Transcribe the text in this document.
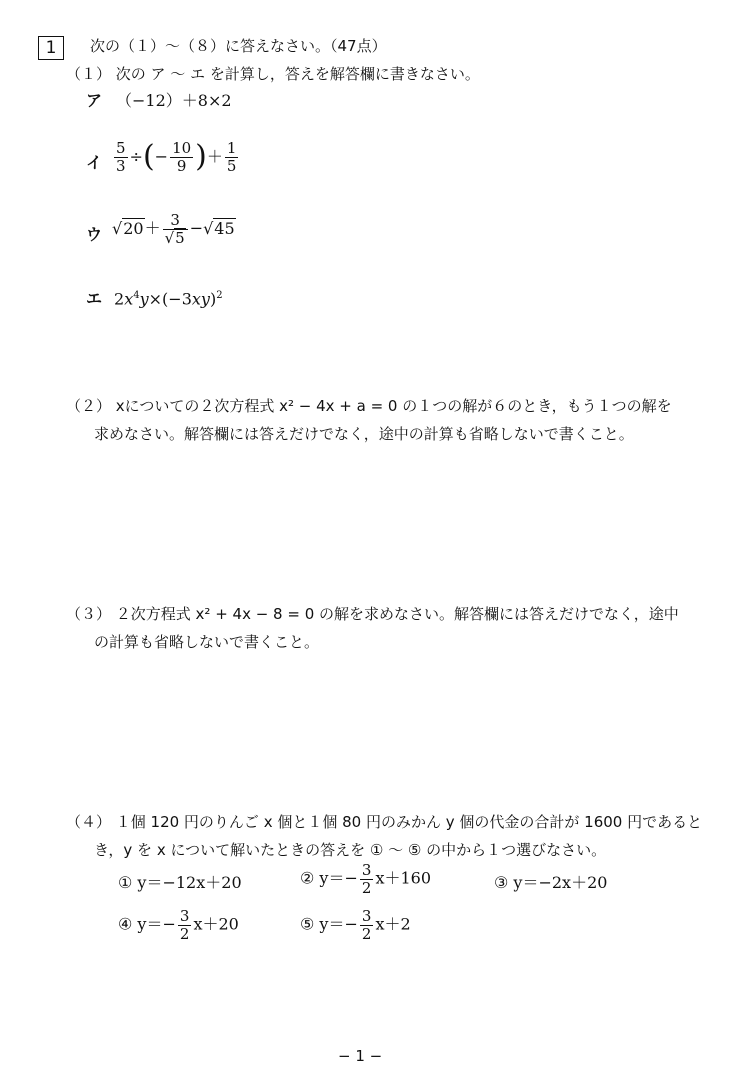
1	次の（１）～（８）に答えなさい。（47点）
（１） 次の ア ～ エ を計算し，答えを解答欄に書きなさい。
ア （−12）＋8×2
イ $\frac{5}{3}$ ÷(− $\frac{10}{9}$ )＋ $\frac{1}{5}$
ウ $√20+ \frac{3}{√5} -√45$
エ $2x^4y\times(-3xy)^2$
（２） xについての２次方程式 x² − 4x + a = 0 の１つの解が６のとき，もう１つの解を
求めなさい。解答欄には答えだけでなく，途中の計算も省略しないで書くこと。
（３） ２次方程式 x² + 4x − 8 = 0 の解を求めなさい。解答欄には答えだけでなく，途中
の計算も省略しないで書くこと。
（４） １個 120 円のりんご x 個と１個 80 円のみかん y 個の代金の合計が 1600 円であると
き，y を x について解いたときの答えを ① ～ ⑤ の中から１つ選びなさい。
① y＝−12x＋20	② $y=- \frac{3}{2} x+160$	③ y＝−2x＋20
④ $y=- \frac{3}{2} x+20$	⑤ $y=- \frac{3}{2} x+2$
− 1 −
